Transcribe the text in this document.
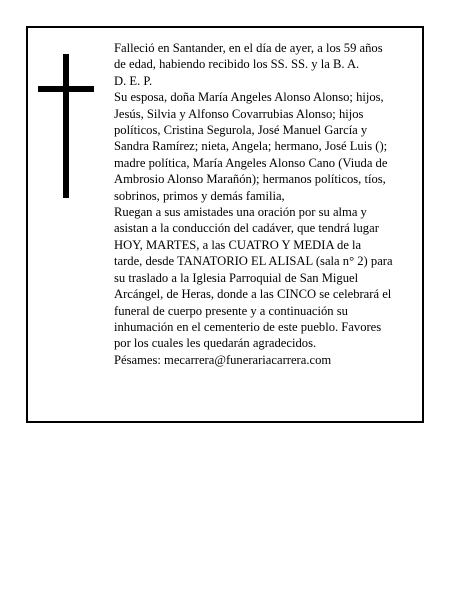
Falleció en Santander, en el día de ayer, a los 59 años

de edad, habiendo recibido los SS. SS. y la B. A.

D. E. P.

Su esposa, doña María Angeles Alonso Alonso; hijos,

Jesús, Silvia y Alfonso Covarrubias Alonso; hijos

políticos, Cristina Segurola, José Manuel García y

Sandra Ramírez; nieta, Angela; hermano, José Luis ();

madre política, María Angeles Alonso Cano (Viuda de

Ambrosio Alonso Marañón); hermanos políticos, tíos,

sobrinos, primos y demás familia,

Ruegan a sus amistades una oración por su alma y

asistan a la conducción del cadáver, que tendrá lugar

HOY, MARTES, a las CUATRO Y MEDIA de la

tarde, desde TANATORIO EL ALISAL (sala n° 2) para

su traslado a la Iglesia Parroquial de San Miguel

Arcángel, de Heras, donde a las CINCO se celebrará el

funeral de cuerpo presente y a continuación su

inhumación en el cementerio de este pueblo. Favores

por los cuales les quedarán agradecidos.

Pésames: mecarrera@funerariacarrera.com
